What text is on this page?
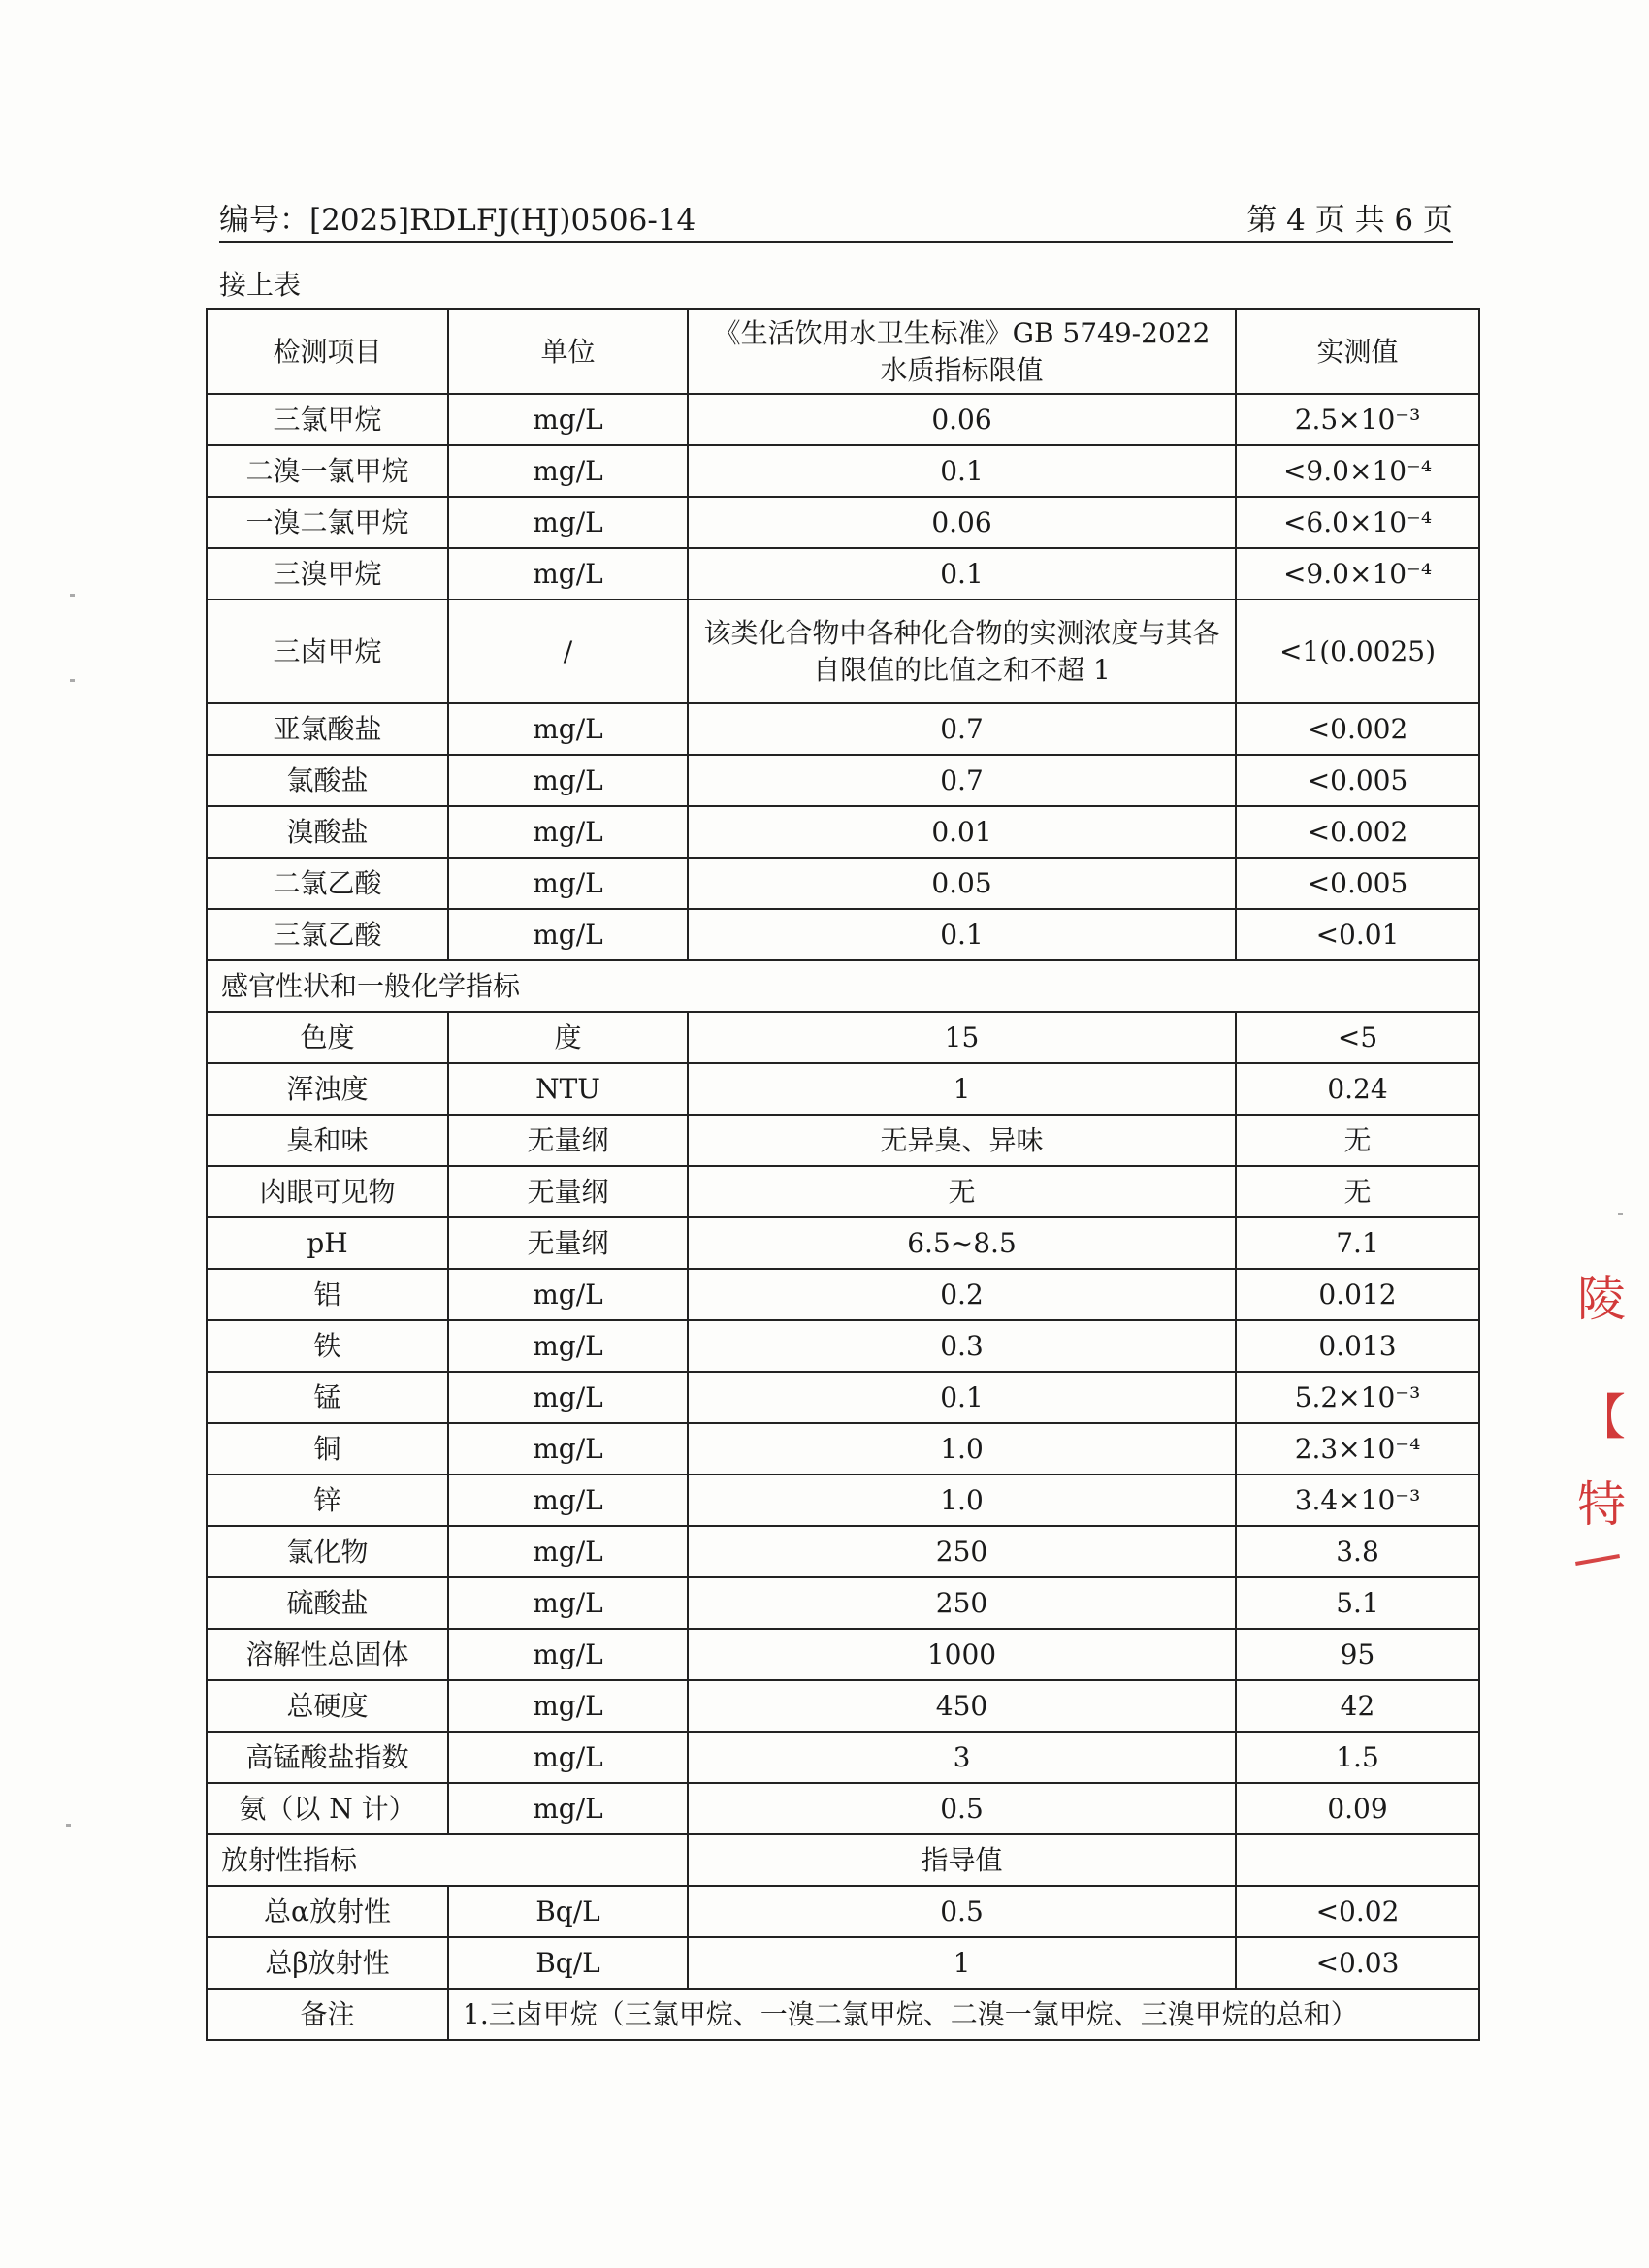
编号：[2025]RDLFJ(HJ)0506-14	第 4 页 共 6 页
接上表
检测项目	单位	《生活饮用水卫生标准》GB 5749-2022 水质指标限值	实测值
三氯甲烷	mg/L	0.06	2.5×10⁻³
二溴一氯甲烷	mg/L	0.1	<9.0×10⁻⁴
一溴二氯甲烷	mg/L	0.06	<6.0×10⁻⁴
三溴甲烷	mg/L	0.1	<9.0×10⁻⁴
三卤甲烷	/	该类化合物中各种化合物的实测浓度与其各自限值的比值之和不超 1	<1(0.0025)
亚氯酸盐	mg/L	0.7	<0.002
氯酸盐	mg/L	0.7	<0.005
溴酸盐	mg/L	0.01	<0.002
二氯乙酸	mg/L	0.05	<0.005
三氯乙酸	mg/L	0.1	<0.01
感官性状和一般化学指标			
色度	度	15	<5
浑浊度	NTU	1	0.24
臭和味	无量纲	无异臭、异味	无
肉眼可见物	无量纲	无	无
pH	无量纲	6.5~8.5	7.1
铝	mg/L	0.2	0.012
铁	mg/L	0.3	0.013
锰	mg/L	0.1	5.2×10⁻³
铜	mg/L	1.0	2.3×10⁻⁴
锌	mg/L	1.0	3.4×10⁻³
氯化物	mg/L	250	3.8
硫酸盐	mg/L	250	5.1
溶解性总固体	mg/L	1000	95
总硬度	mg/L	450	42
高锰酸盐指数	mg/L	3	1.5
氨（以 N 计）	mg/L	0.5	0.09
放射性指标		指导值	
总α放射性	Bq/L	0.5	<0.02
总β放射性	Bq/L	1	<0.03
备注	1.三卤甲烷（三氯甲烷、一溴二氯甲烷、二溴一氯甲烷、三溴甲烷的总和）		
陵
【
特
